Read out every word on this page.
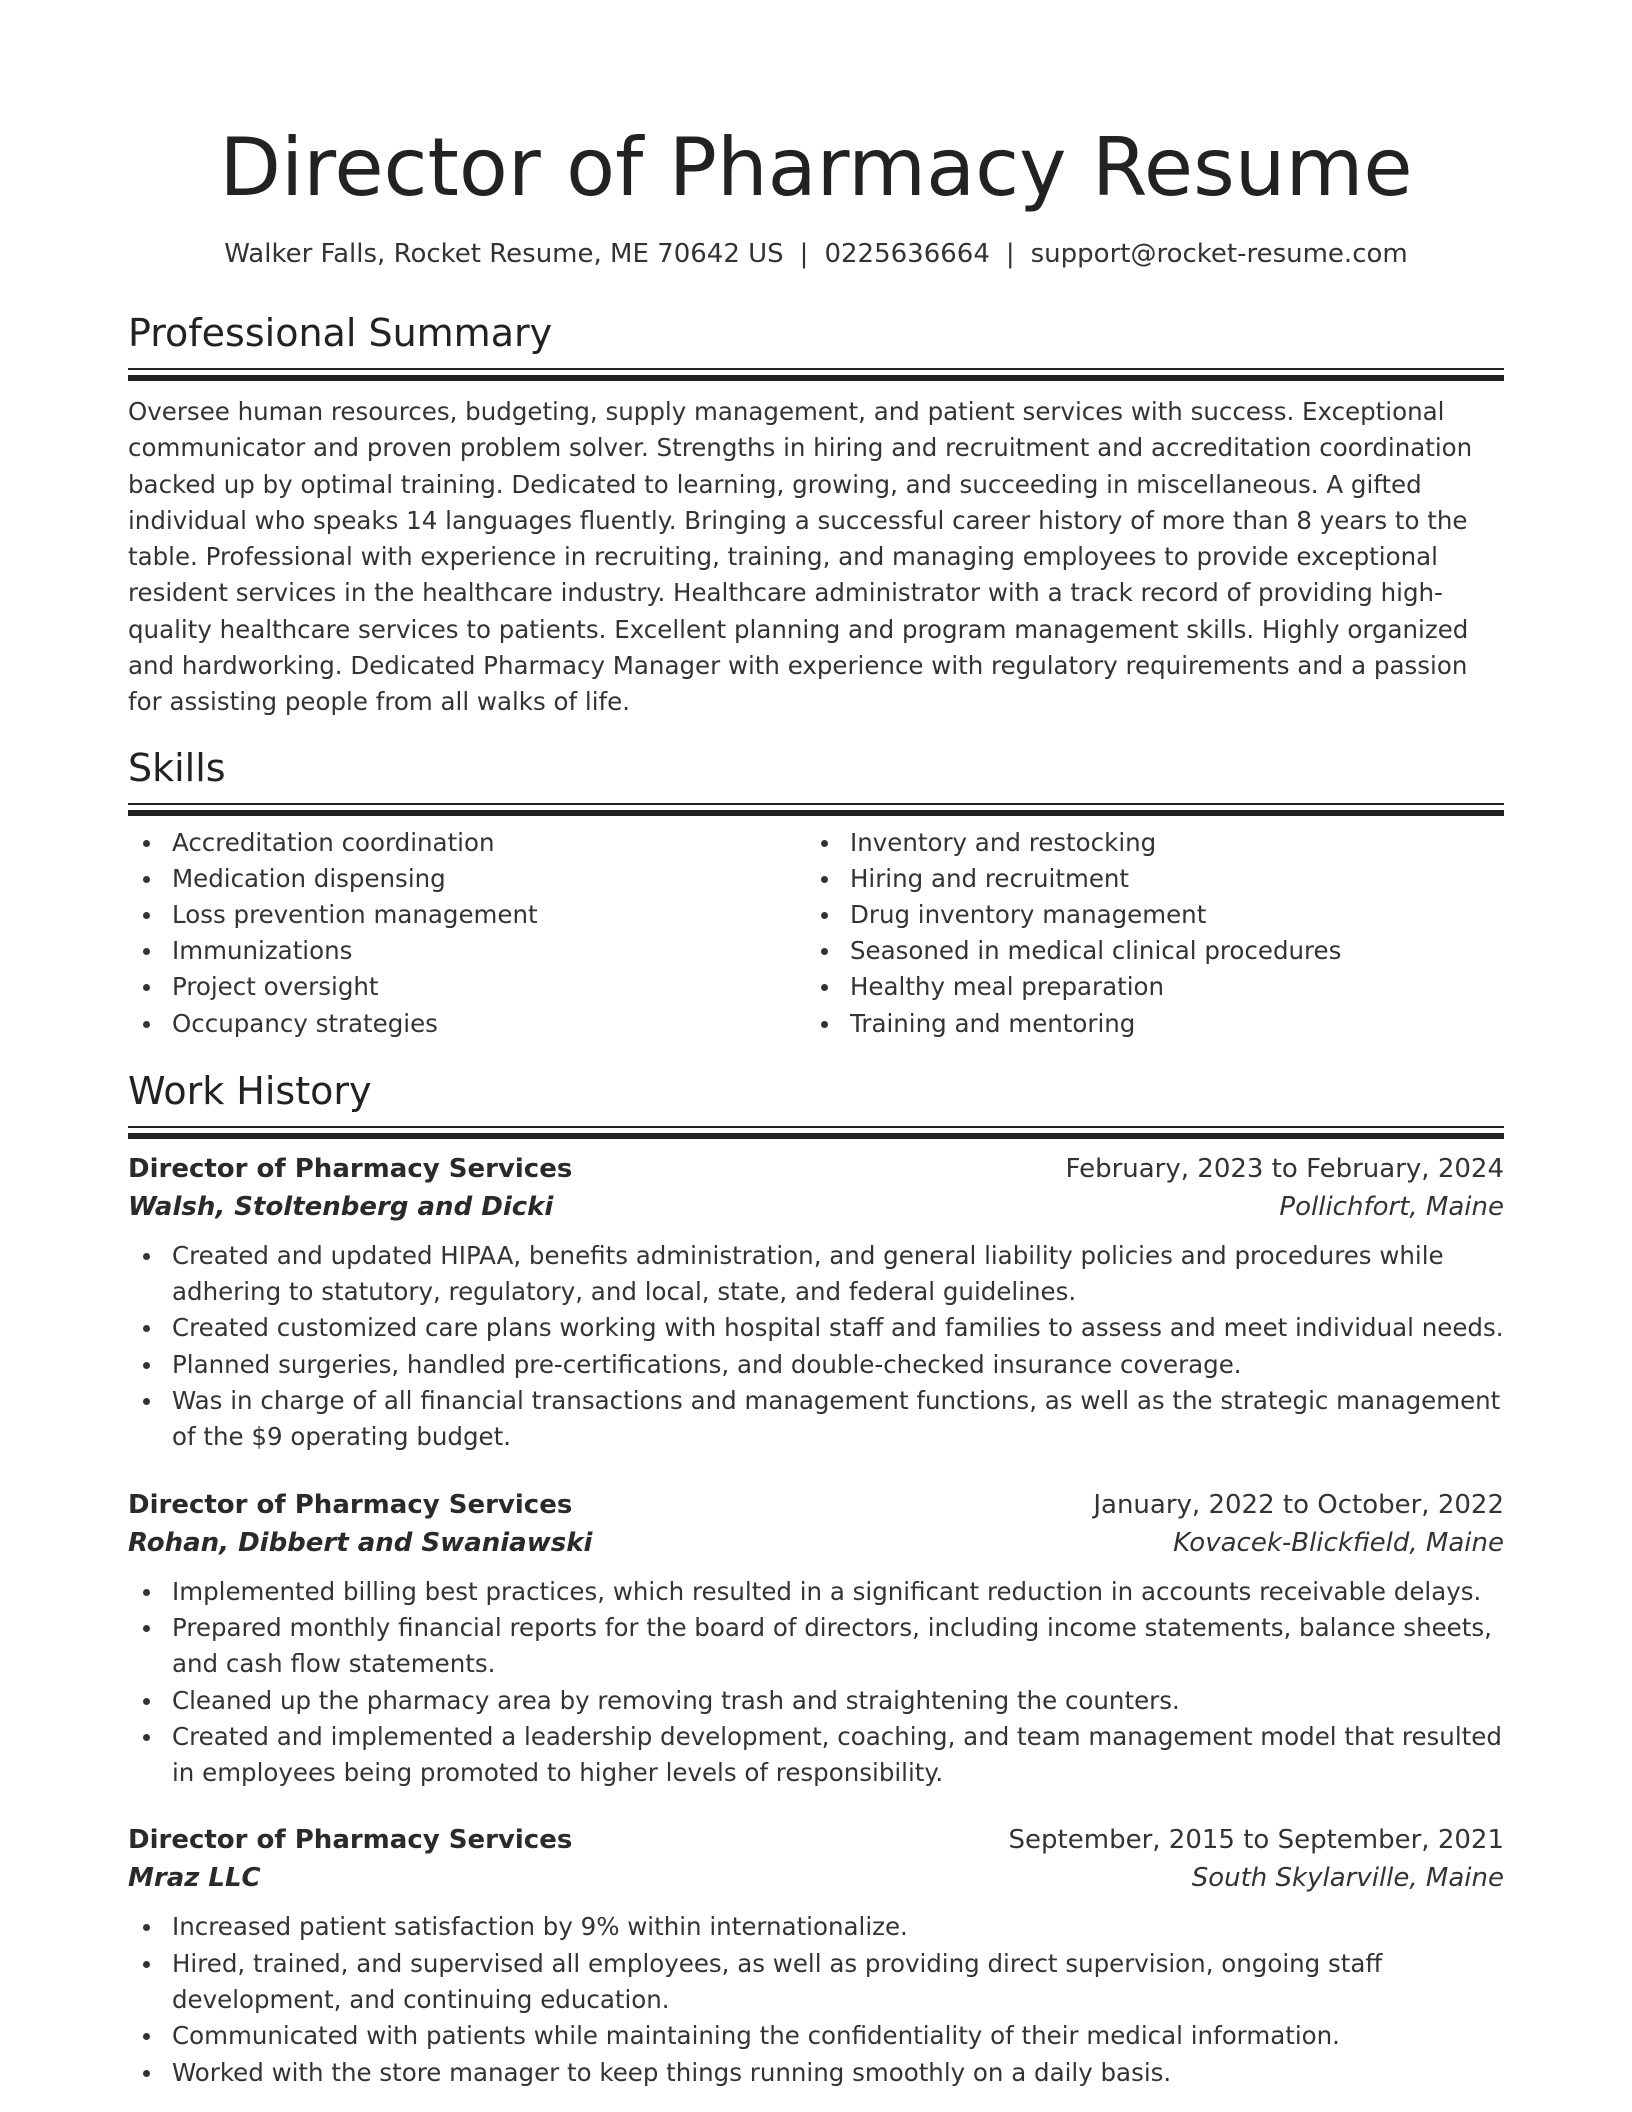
Director of Pharmacy Resume
Walker Falls, Rocket Resume, ME 70642 US | 0225636664 | support@rocket-resume.com
Professional Summary

Oversee human resources, budgeting, supply management, and patient services with success. Exceptional communicator and proven problem solver. Strengths in hiring and recruitment and accreditation coordination backed up by optimal training. Dedicated to learning, growing, and succeeding in miscellaneous. A gifted individual who speaks 14 languages fluently. Bringing a successful career history of more than 8 years to the table. Professional with experience in recruiting, training, and managing employees to provide exceptional resident services in the healthcare industry. Healthcare administrator with a track record of providing high-quality healthcare services to patients. Excellent planning and program management skills. Highly organized and hardworking. Dedicated Pharmacy Manager with experience with regulatory requirements and a passion for assisting people from all walks of life.

Skills
Accreditation coordination
Medication dispensing
Loss prevention management
Immunizations
Project oversight
Occupancy strategies
Inventory and restocking
Hiring and recruitment
Drug inventory management
Seasoned in medical clinical procedures
Healthy meal preparation
Training and mentoring
Work History
Director of Pharmacy Services	February, 2023 to February, 2024
Walsh, Stoltenberg and Dicki	Pollichfort, Maine
Created and updated HIPAA, benefits administration, and general liability policies and procedures while adhering to statutory, regulatory, and local, state, and federal guidelines.
Created customized care plans working with hospital staff and families to assess and meet individual needs.
Planned surgeries, handled pre-certifications, and double-checked insurance coverage.
Was in charge of all financial transactions and management functions, as well as the strategic management of the $9 operating budget.
Director of Pharmacy Services	January, 2022 to October, 2022
Rohan, Dibbert and Swaniawski	Kovacek-Blickfield, Maine
Implemented billing best practices, which resulted in a significant reduction in accounts receivable delays.
Prepared monthly financial reports for the board of directors, including income statements, balance sheets, and cash flow statements.
Cleaned up the pharmacy area by removing trash and straightening the counters.
Created and implemented a leadership development, coaching, and team management model that resulted in employees being promoted to higher levels of responsibility.
Director of Pharmacy Services	September, 2015 to September, 2021
Mraz LLC	South Skylarville, Maine
Increased patient satisfaction by 9% within internationalize.
Hired, trained, and supervised all employees, as well as providing direct supervision, ongoing staff development, and continuing education.
Communicated with patients while maintaining the confidentiality of their medical information.
Worked with the store manager to keep things running smoothly on a daily basis.
